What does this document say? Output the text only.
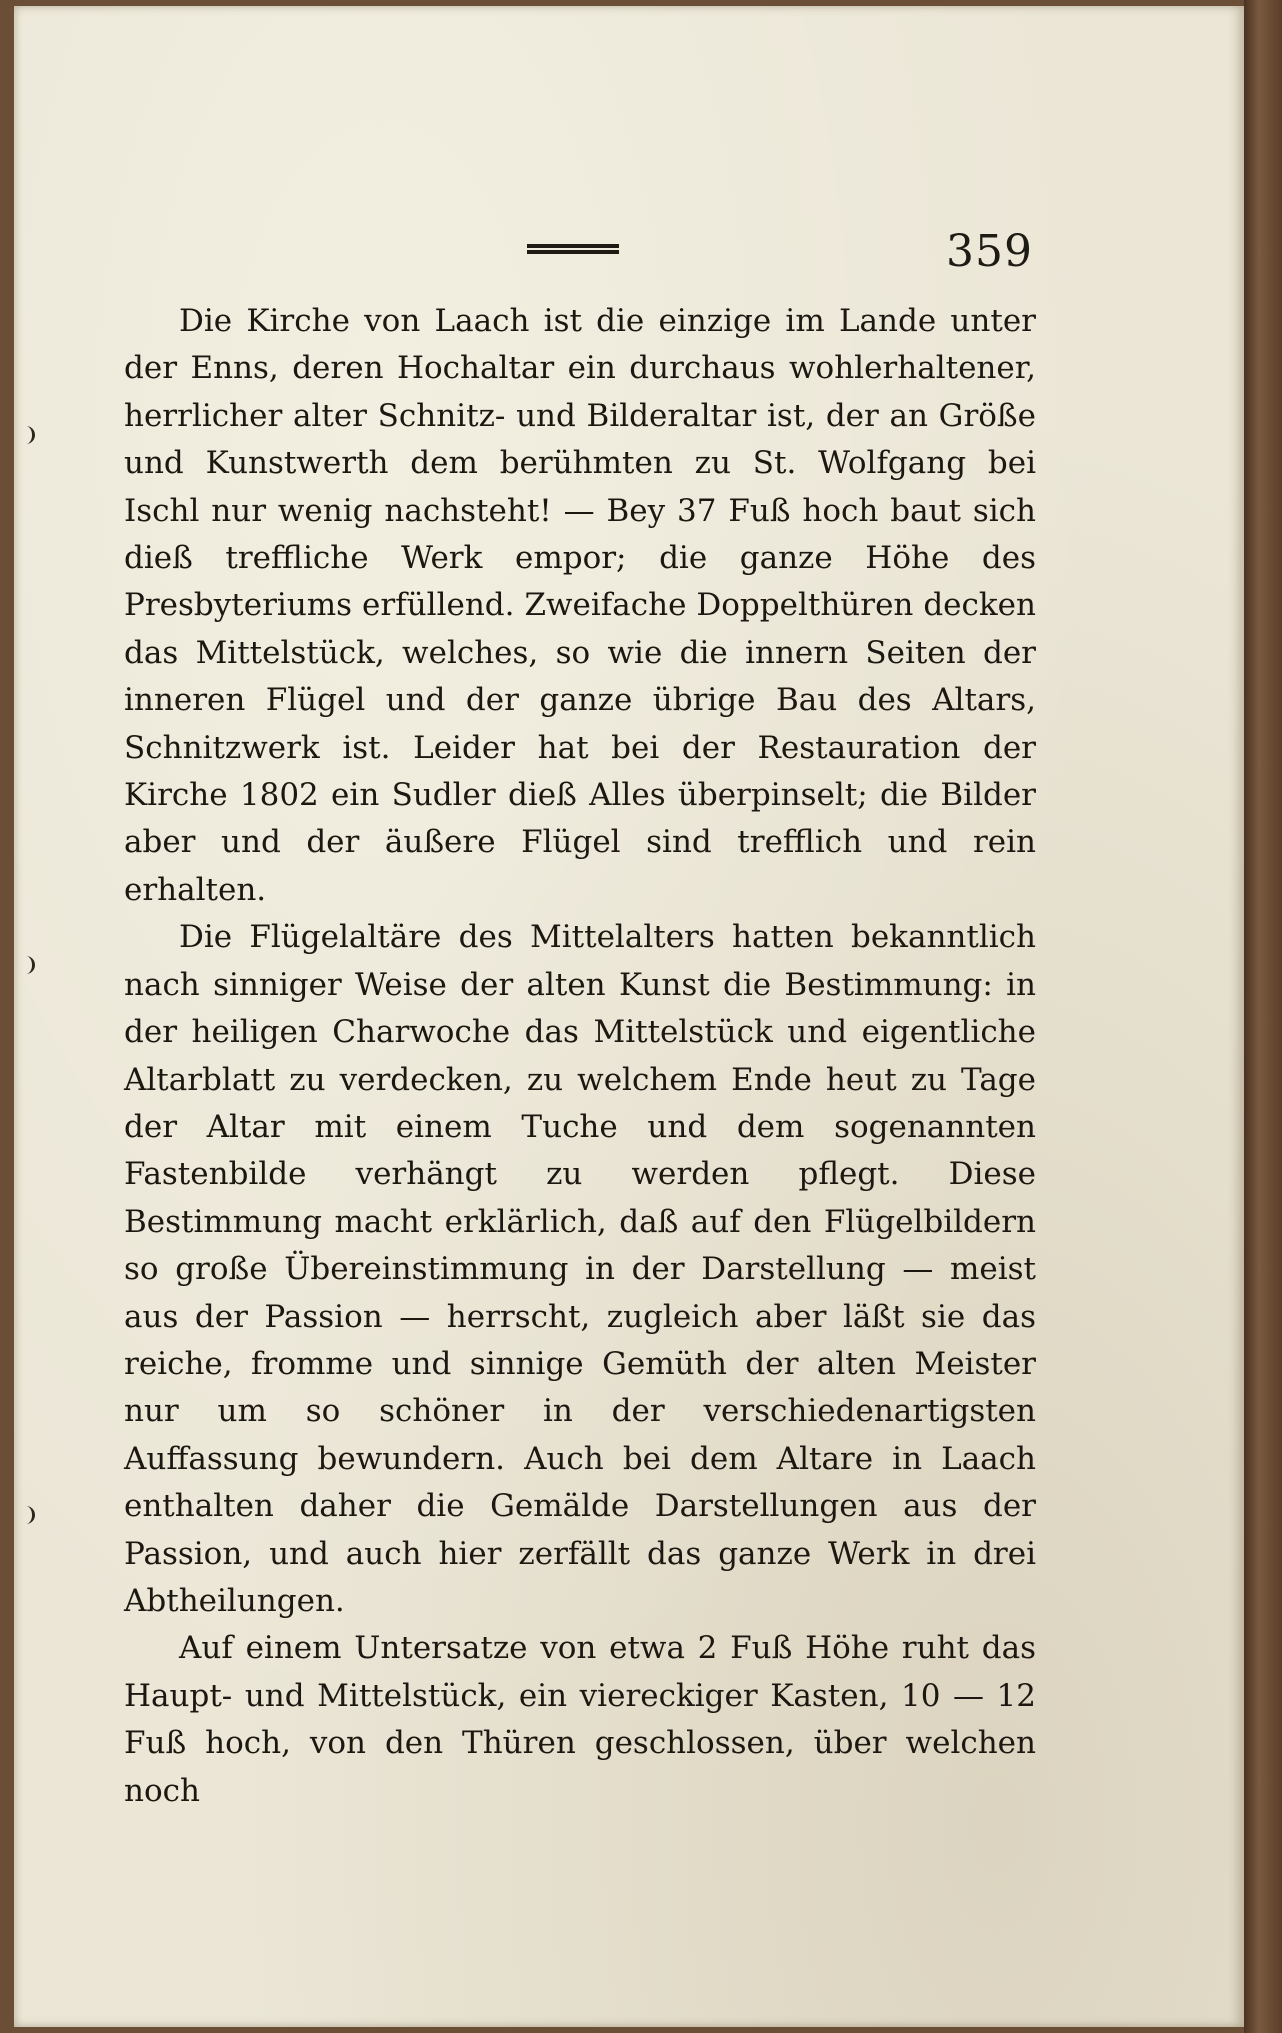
359

Die Kirche von Laach ist die einzige im Lande unter der Enns, deren Hochaltar ein durchaus wohlerhaltener, herrlicher alter Schnitz- und Bilderaltar ist, der an Größe und Kunstwerth dem berühmten zu St. Wolfgang bei Ischl nur wenig nachsteht! — Bey 37 Fuß hoch baut sich dieß treffliche Werk empor; die ganze Höhe des Presbyteriums erfüllend. Zweifache Doppelthüren decken das Mittelstück, welches, so wie die innern Seiten der inneren Flügel und der ganze übrige Bau des Altars, Schnitzwerk ist. Leider hat bei der Restauration der Kirche 1802 ein Sudler dieß Alles überpinselt; die Bilder aber und der äußere Flügel sind trefflich und rein erhalten.

Die Flügelaltäre des Mittelalters hatten bekanntlich nach sinniger Weise der alten Kunst die Bestimmung: in der heiligen Charwoche das Mittelstück und eigentliche Altarblatt zu verdecken, zu welchem Ende heut zu Tage der Altar mit einem Tuche und dem sogenannten Fastenbilde verhängt zu werden pflegt. Diese Bestimmung macht erklärlich, daß auf den Flügelbildern so große Übereinstimmung in der Darstellung — meist aus der Passion — herrscht, zugleich aber läßt sie das reiche, fromme und sinnige Gemüth der alten Meister nur um so schöner in der verschiedenartigsten Auffassung bewundern. Auch bei dem Altare in Laach enthalten daher die Gemälde Darstellungen aus der Passion, und auch hier zerfällt das ganze Werk in drei Abtheilungen.

Auf einem Untersatze von etwa 2 Fuß Höhe ruht das Haupt- und Mittelstück, ein viereckiger Kasten, 10 — 12 Fuß hoch, von den Thüren geschlossen, über welchen noch
